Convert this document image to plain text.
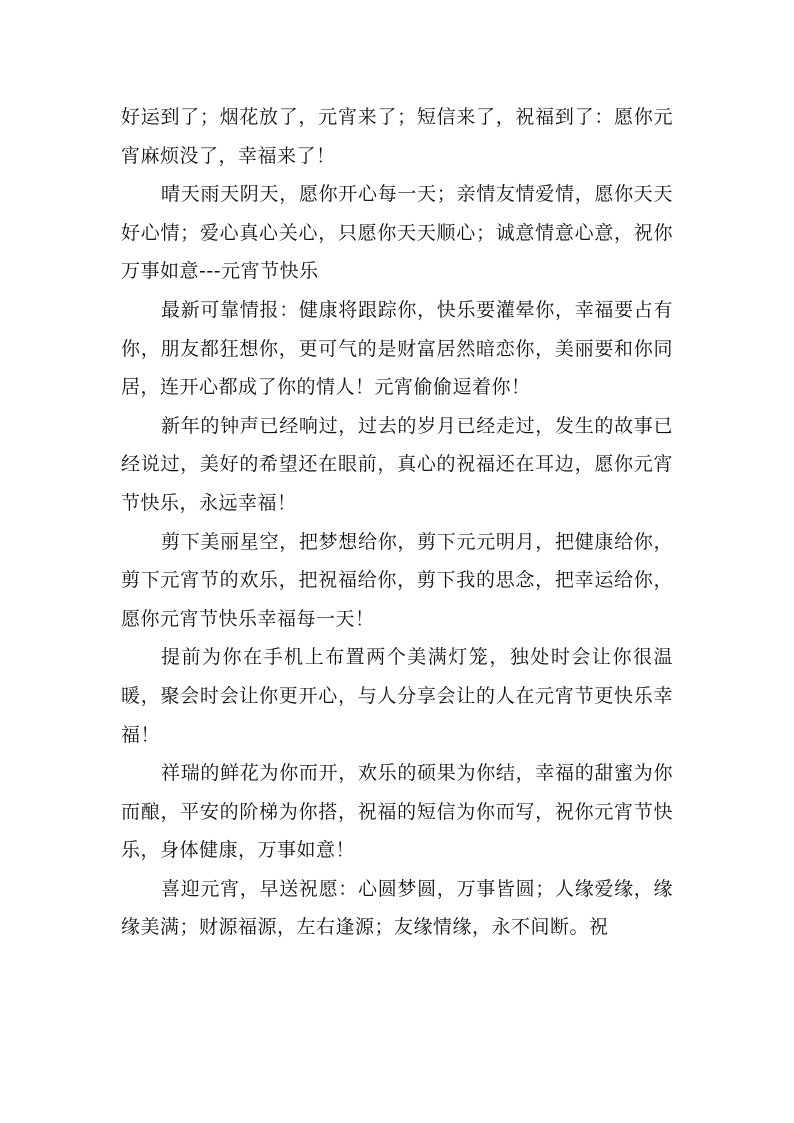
好运到了；烟花放了，元宵来了；短信来了，祝福到了：愿你元宵麻烦没了，幸福来了！

晴天雨天阴天，愿你开心每一天；亲情友情爱情，愿你天天好心情；爱心真心关心，只愿你天天顺心；诚意情意心意，祝你万事如意---元宵节快乐

最新可靠情报：健康将跟踪你，快乐要灌晕你，幸福要占有你，朋友都狂想你，更可气的是财富居然暗恋你，美丽要和你同居，连开心都成了你的情人！元宵偷偷逗着你！

新年的钟声已经响过，过去的岁月已经走过，发生的故事已经说过，美好的希望还在眼前，真心的祝福还在耳边，愿你元宵节快乐，永远幸福！

剪下美丽星空，把梦想给你，剪下元元明月，把健康给你，剪下元宵节的欢乐，把祝福给你，剪下我的思念，把幸运给你，愿你元宵节快乐幸福每一天！

提前为你在手机上布置两个美满灯笼，独处时会让你很温暖，聚会时会让你更开心，与人分享会让的人在元宵节更快乐幸福！

祥瑞的鲜花为你而开，欢乐的硕果为你结，幸福的甜蜜为你而酿，平安的阶梯为你搭，祝福的短信为你而写，祝你元宵节快乐，身体健康，万事如意！

喜迎元宵，早送祝愿：心圆梦圆，万事皆圆；人缘爱缘，缘缘美满；财源福源，左右逢源；友缘情缘，永不间断。祝
